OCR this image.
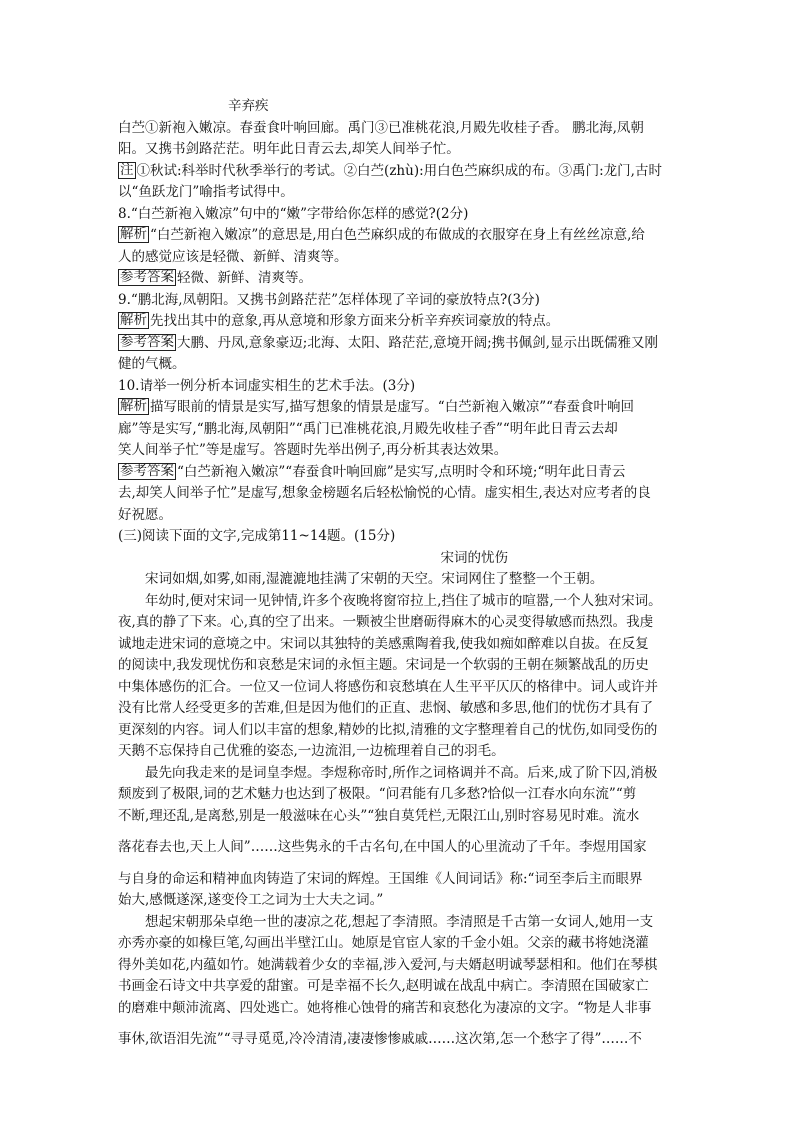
辛弃疾
白苎①新袍入嫩凉。春蚕食叶响回廊。禹门③已准桃花浪,月殿先收桂子香。 鹏北海,凤朝
阳。又携书剑路茫茫。明年此日青云去,却笑人间举子忙。
注 ①秋试:科举时代秋季举行的考试。②白苎(zhù):用白色苎麻织成的布。③禹门:龙门,古时
以“鱼跃龙门”喻指考试得中。
8.“白苎新袍入嫩凉”句中的“嫩”字带给你怎样的感觉?(2分)
解析 “白苎新袍入嫩凉”的意思是,用白色苎麻织成的布做成的衣服穿在身上有丝丝凉意,给
人的感觉应该是轻微、新鲜、清爽等。
参考答案 轻微、新鲜、清爽等。
9.“鹏北海,凤朝阳。又携书剑路茫茫”怎样体现了辛词的豪放特点?(3分)
解析 先找出其中的意象,再从意境和形象方面来分析辛弃疾词豪放的特点。
参考答案 大鹏、丹凤,意象豪迈;北海、太阳、路茫茫,意境开阔;携书佩剑,显示出既儒雅又刚
健的气概。
10.请举一例分析本词虚实相生的艺术手法。(3分)
解析 描写眼前的情景是实写,描写想象的情景是虚写。“白苎新袍入嫩凉”“春蚕食叶响回
廊”等是实写,“鹏北海,凤朝阳”“禹门已准桃花浪,月殿先收桂子香”“明年此日青云去却
笑人间举子忙”等是虚写。答题时先举出例子,再分析其表达效果。
参考答案 “白苎新袍入嫩凉”“春蚕食叶响回廊”是实写,点明时令和环境;“明年此日青云
去,却笑人间举子忙”是虚写,想象金榜题名后轻松愉悦的心情。虚实相生,表达对应考者的良
好祝愿。
(三)阅读下面的文字,完成第11~14题。(15分)
宋词的忧伤
宋词如烟,如雾,如雨,湿漉漉地挂满了宋朝的天空。宋词网住了整整一个王朝。
年幼时,便对宋词一见钟情,许多个夜晚将窗帘拉上,挡住了城市的喧嚣,一个人独对宋词。
夜,真的静了下来。心,真的空了出来。一颗被尘世磨砺得麻木的心灵变得敏感而热烈。我虔
诚地走进宋词的意境之中。宋词以其独特的美感熏陶着我,使我如痴如醉难以自拔。在反复
的阅读中,我发现忧伤和哀愁是宋词的永恒主题。宋词是一个软弱的王朝在频繁战乱的历史
中集体感伤的汇合。一位又一位词人将感伤和哀愁填在人生平平仄仄的格律中。词人或许并
没有比常人经受更多的苦难,但是因为他们的正直、悲悯、敏感和多思,他们的忧伤才具有了
更深刻的内容。词人们以丰富的想象,精妙的比拟,清雅的文字整理着自己的忧伤,如同受伤的
天鹅不忘保持自己优雅的姿态,一边流泪,一边梳理着自己的羽毛。
最先向我走来的是词皇李煜。李煜称帝时,所作之词格调并不高。后来,成了阶下囚,消极
颓废到了极限,词的艺术魅力也达到了极限。“问君能有几多愁?恰似一江春水向东流”“剪
不断,理还乱,是离愁,别是一般滋味在心头”“独自莫凭栏,无限江山,别时容易见时难。流水
落花春去也,天上人间”……这些隽永的千古名句,在中国人的心里流动了千年。李煜用国家
与自身的命运和精神血肉铸造了宋词的辉煌。王国维《人间词话》称:“词至李后主而眼界
始大,感慨遂深,遂变伶工之词为士大夫之词。”
想起宋朝那朵卓绝一世的凄凉之花,想起了李清照。李清照是千古第一女词人,她用一支
亦秀亦豪的如椽巨笔,勾画出半壁江山。她原是官宦人家的千金小姐。父亲的藏书将她浇灌
得外美如花,内蕴如竹。她满载着少女的幸福,涉入爱河,与夫婿赵明诚琴瑟相和。他们在琴棋
书画金石诗文中共享爱的甜蜜。可是幸福不长久,赵明诚在战乱中病亡。李清照在国破家亡
的磨难中颠沛流离、四处逃亡。她将椎心蚀骨的痛苦和哀愁化为凄凉的文字。“物是人非事
事休,欲语泪先流”“寻寻觅觅,冷冷清清,凄凄惨惨戚戚……这次第,怎一个愁字了得”……不
